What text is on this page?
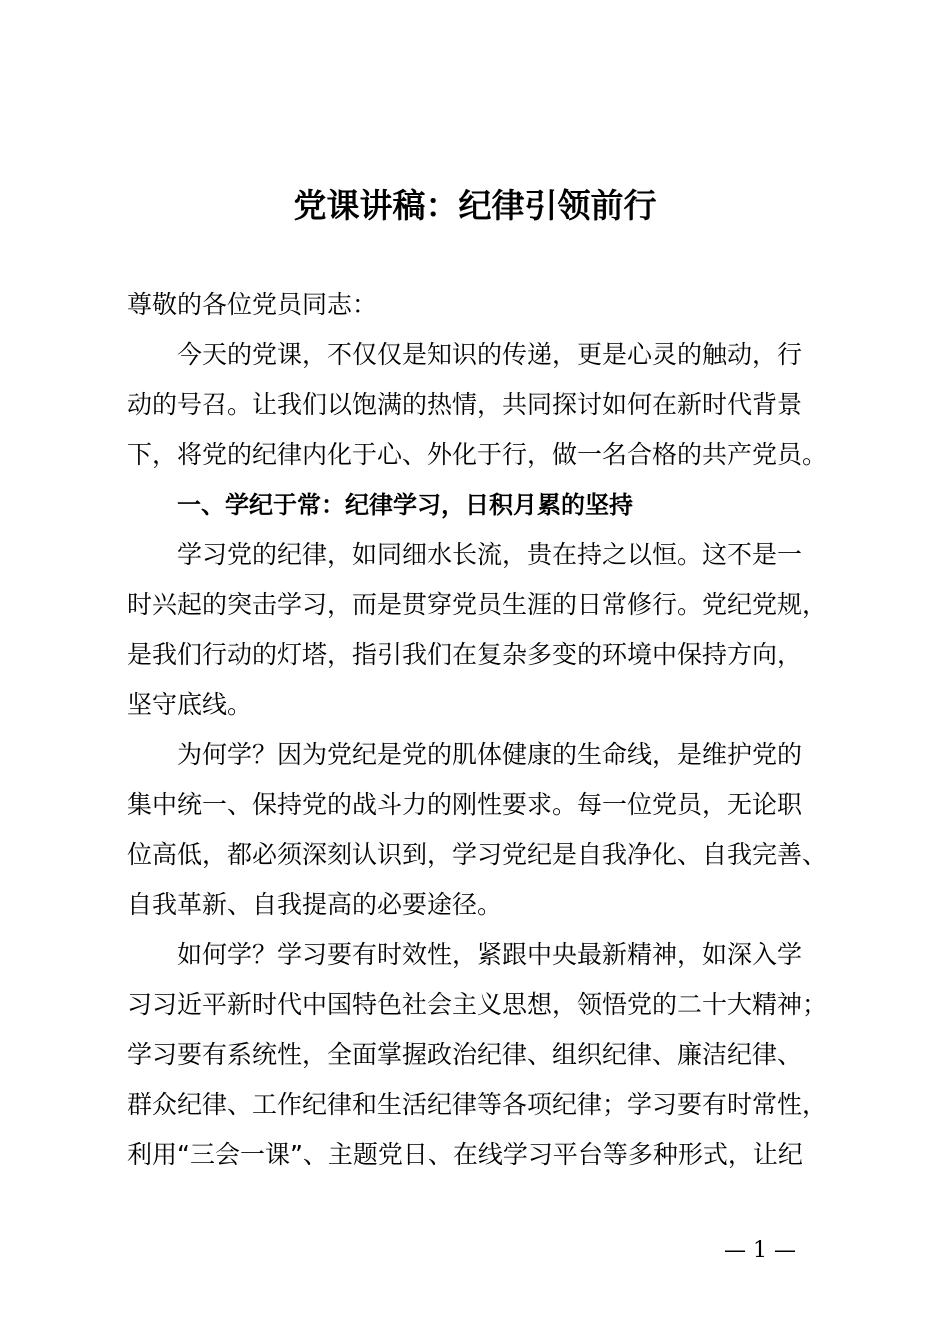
党课讲稿：纪律引领前行
尊敬的各位党员同志：
今天的党课，不仅仅是知识的传递，更是心灵的触动，行
动的号召。让我们以饱满的热情，共同探讨如何在新时代背景
下，将党的纪律内化于心、外化于行，做一名合格的共产党员。
一、学纪于常：纪律学习，日积月累的坚持
学习党的纪律，如同细水长流，贵在持之以恒。这不是一
时兴起的突击学习，而是贯穿党员生涯的日常修行。党纪党规，
是我们行动的灯塔，指引我们在复杂多变的环境中保持方向，
坚守底线。
为何学？因为党纪是党的肌体健康的生命线，是维护党的
集中统一、保持党的战斗力的刚性要求。每一位党员，无论职
位高低，都必须深刻认识到，学习党纪是自我净化、自我完善、
自我革新、自我提高的必要途径。
如何学？学习要有时效性，紧跟中央最新精神，如深入学
习习近平新时代中国特色社会主义思想，领悟党的二十大精神；
学习要有系统性，全面掌握政治纪律、组织纪律、廉洁纪律、
群众纪律、工作纪律和生活纪律等各项纪律；学习要有时常性，
利用“三会一课”、主题党日、在线学习平台等多种形式，让纪
— 1 —
